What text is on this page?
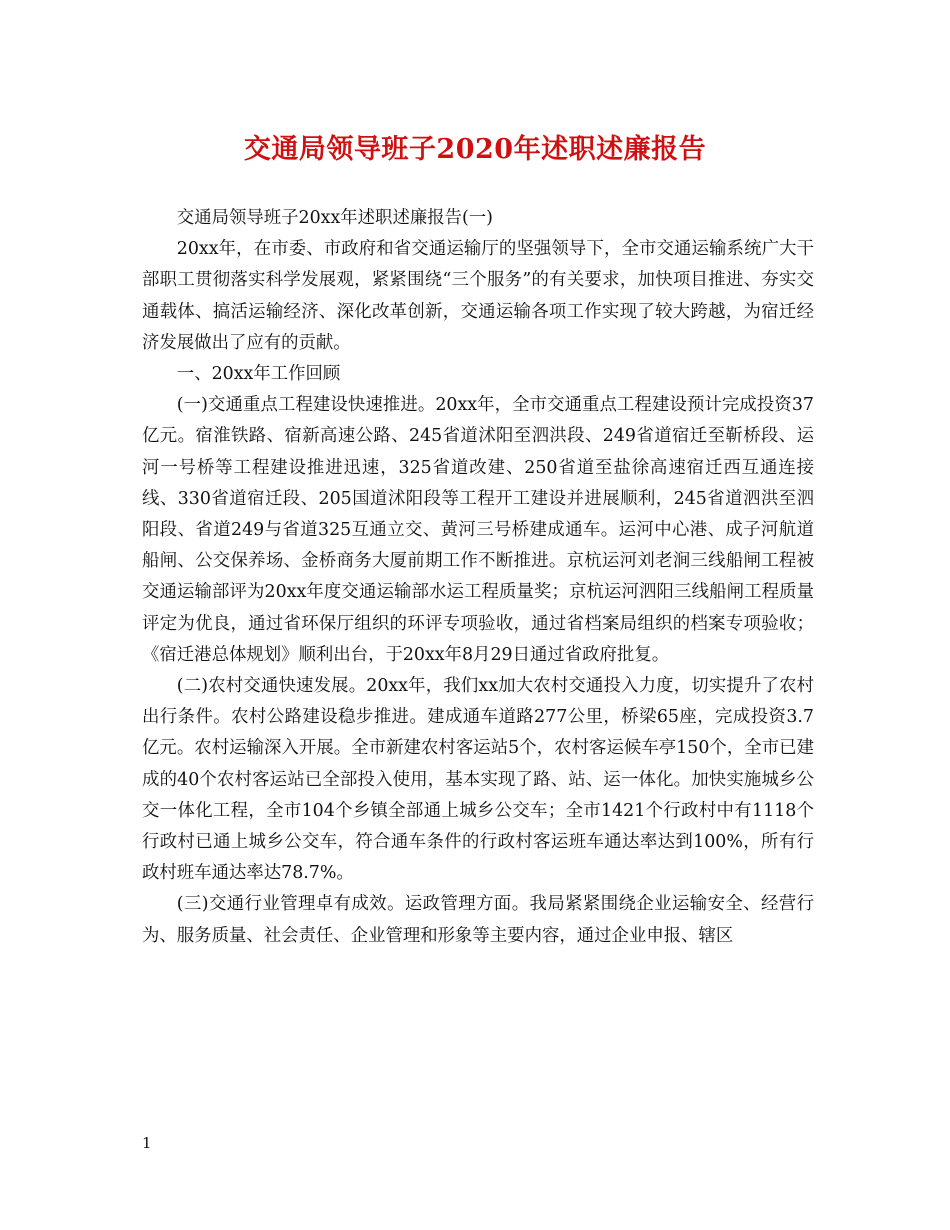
交通局领导班子2020年述职述廉报告

交通局领导班子20xx年述职述廉报告(一)

20xx年，在市委、市政府和省交通运输厅的坚强领导下，全市交通运输系统广大干部职工贯彻落实科学发展观，紧紧围绕“三个服务”的有关要求，加快项目推进、夯实交通载体、搞活运输经济、深化改革创新，交通运输各项工作实现了较大跨越，为宿迁经济发展做出了应有的贡献。

一、20xx年工作回顾

(一)交通重点工程建设快速推进。20xx年，全市交通重点工程建设预计完成投资37亿元。宿淮铁路、宿新高速公路、245省道沭阳至泗洪段、249省道宿迁至靳桥段、运河一号桥等工程建设推进迅速，325省道改建、250省道至盐徐高速宿迁西互通连接线、330省道宿迁段、205国道沭阳段等工程开工建设并进展顺利，245省道泗洪至泗阳段、省道249与省道325互通立交、黄河三号桥建成通车。运河中心港、成子河航道船闸、公交保养场、金桥商务大厦前期工作不断推进。京杭运河刘老涧三线船闸工程被交通运输部评为20xx年度交通运输部水运工程质量奖；京杭运河泗阳三线船闸工程质量评定为优良，通过省环保厅组织的环评专项验收，通过省档案局组织的档案专项验收；《宿迁港总体规划》顺利出台，于20xx年8月29日通过省政府批复。

(二)农村交通快速发展。20xx年，我们xx加大农村交通投入力度，切实提升了农村出行条件。农村公路建设稳步推进。建成通车道路277公里，桥梁65座，完成投资3.7亿元。农村运输深入开展。全市新建农村客运站5个，农村客运候车亭150个，全市已建成的40个农村客运站已全部投入使用，基本实现了路、站、运一体化。加快实施城乡公交一体化工程，全市104个乡镇全部通上城乡公交车；全市1421个行政村中有1118个行政村已通上城乡公交车，符合通车条件的行政村客运班车通达率达到100%，所有行政村班车通达率达78.7%。

(三)交通行业管理卓有成效。运政管理方面。我局紧紧围绕企业运输安全、经营行为、服务质量、社会责任、企业管理和形象等主要内容，通过企业申报、辖区

1
